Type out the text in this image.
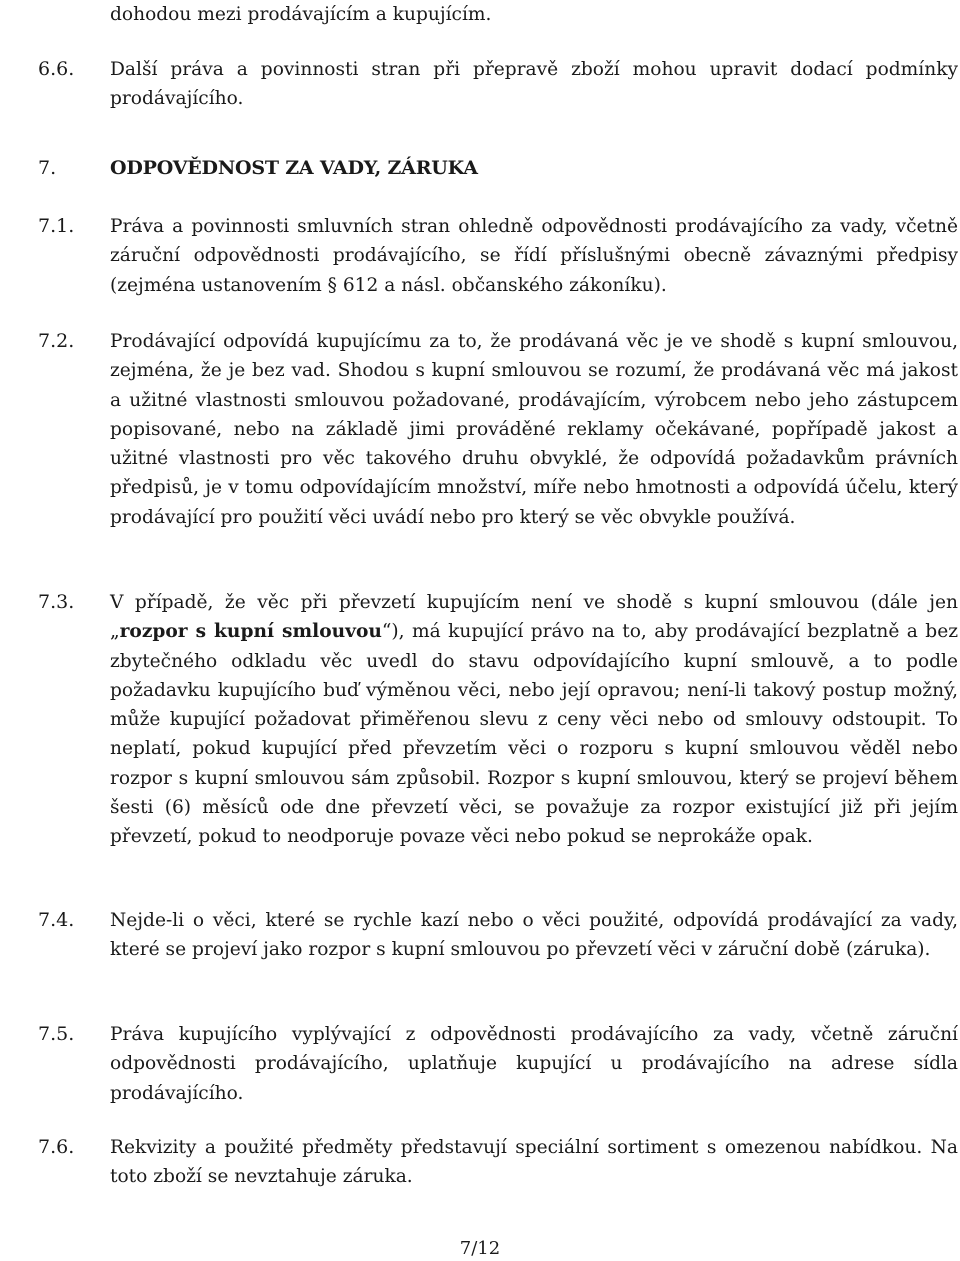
dohodou mezi prodávajícím a kupujícím.

6.6. Další práva a povinnosti stran při přepravě zboží mohou upravit dodací podmínky prodávajícího.

7.	ODPOVĚDNOST ZA VADY, ZÁRUKA
7.1. Práva a povinnosti smluvních stran ohledně odpovědnosti prodávajícího za vady, včetně záruční odpovědnosti prodávajícího, se řídí příslušnými obecně závaznými předpisy (zejména ustanovením § 612 a násl. občanského zákoníku).

7.2. Prodávající odpovídá kupujícímu za to, že prodávaná věc je ve shodě s kupní smlouvou, zejména, že je bez vad. Shodou s kupní smlouvou se rozumí, že prodávaná věc má jakost a užitné vlastnosti smlouvou požadované, prodávajícím, výrobcem nebo jeho zástupcem popisované, nebo na základě jimi prováděné reklamy očekávané, popřípadě jakost a užitné vlastnosti pro věc takového druhu obvyklé, že odpovídá požadavkům právních předpisů, je v tomu odpovídajícím množství, míře nebo hmotnosti a odpovídá účelu, který prodávající pro použití věci uvádí nebo pro který se věc obvykle používá.

7.3. V případě, že věc při převzetí kupujícím není ve shodě s kupní smlouvou (dále jen „rozpor s kupní smlouvou“), má kupující právo na to, aby prodávající bezplatně a bez zbytečného odkladu věc uvedl do stavu odpovídajícího kupní smlouvě, a to podle požadavku kupujícího buď výměnou věci, nebo její opravou; není-li takový postup možný, může kupující požadovat přiměřenou slevu z ceny věci nebo od smlouvy odstoupit. To neplatí, pokud kupující před převzetím věci o rozporu s kupní smlouvou věděl nebo rozpor s kupní smlouvou sám způsobil. Rozpor s kupní smlouvou, který se projeví během šesti (6) měsíců ode dne převzetí věci, se považuje za rozpor existující již při jejím převzetí, pokud to neodporuje povaze věci nebo pokud se neprokáže opak.

7.4. Nejde-li o věci, které se rychle kazí nebo o věci použité, odpovídá prodávající za vady, které se projeví jako rozpor s kupní smlouvou po převzetí věci v záruční době (záruka).

7.5. Práva kupujícího vyplývající z odpovědnosti prodávajícího za vady, včetně záruční odpovědnosti prodávajícího, uplatňuje kupující u prodávajícího na adrese sídla prodávajícího.

7.6. Rekvizity a použité předměty představují speciální sortiment s omezenou nabídkou. Na toto zboží se nevztahuje záruka.

7/12
